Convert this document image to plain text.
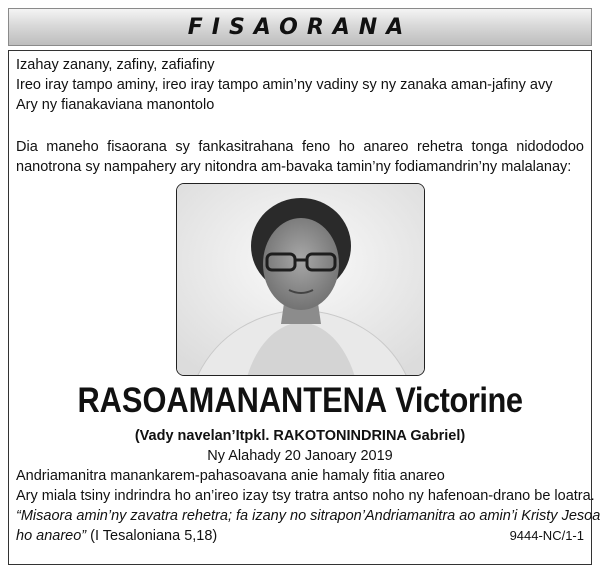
FISAORANA
Izahay zanany, zafiny, zafiafiny
Ireo iray tampo aminy, ireo iray tampo amin’ny vadiny sy ny zanaka aman-jafiny avy
Ary ny fianakaviana manontolo
Dia maneho fisaorana sy fankasitrahana feno ho anareo rehetra tonga nidododoo nanotrona sy nampahery ary nitondra am-bavaka tamin’ny fodiamandrin’ny malalanay:
RASOAMANANTENA Victorine
(Vady navelan’Itpkl. RAKOTONINDRINA Gabriel)
Ny Alahady 20 Janoary 2019
Andriamanitra manankarem-pahasoavana anie hamaly fitia anareo
Ary miala tsiny indrindra ho an’ireo izay tsy tratra antso noho ny hafenoan-drano be loatra.
“Misaora amin’ny zavatra rehetra; fa izany no sitrapon’Andriamanitra ao amin’i Kristy Jesoa
ho anareo” (I Tesaloniana 5,18)	9444-NC/1-1
